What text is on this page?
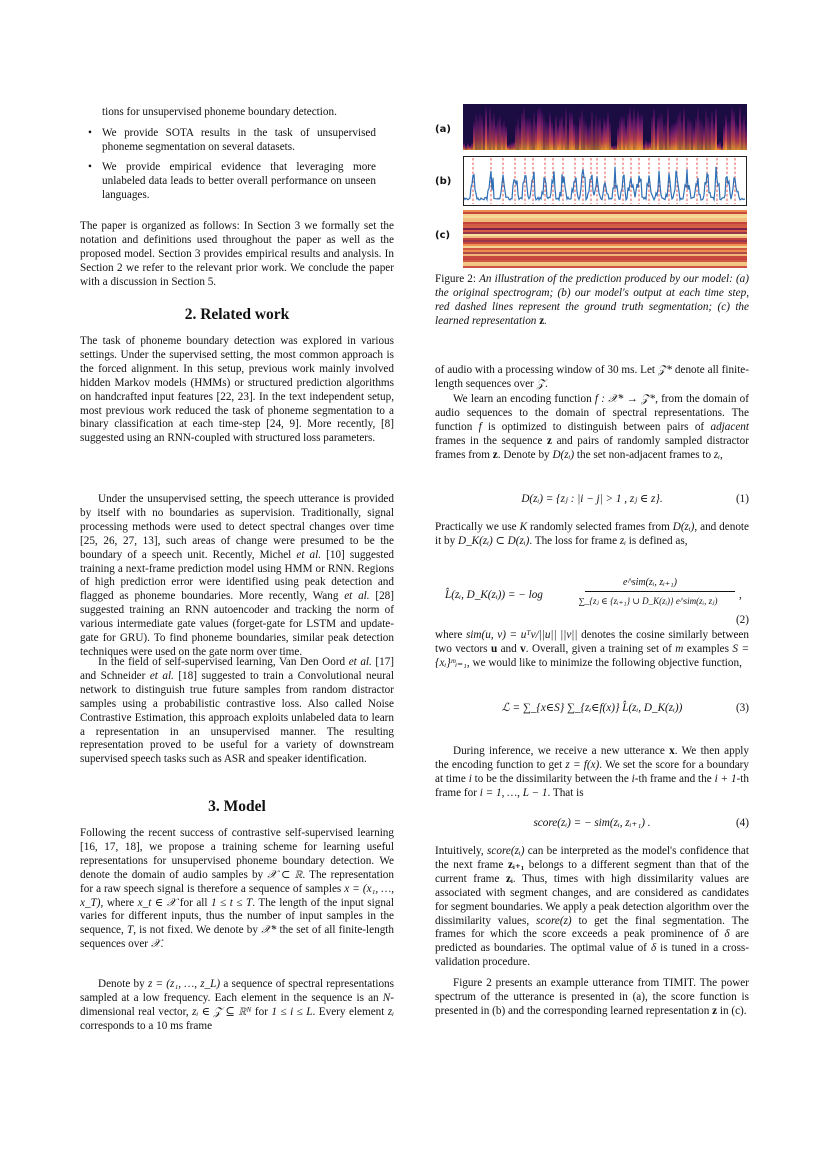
tions for unsupervised phoneme boundary detection.

• We provide SOTA results in the task of unsupervised phoneme segmentation on several datasets.
• We provide empirical evidence that leveraging more unlabeled data leads to better overall performance on unseen languages.

The paper is organized as follows: In Section 3 we formally set the notation and definitions used throughout the paper as well as the proposed model. Section 3 provides empirical results and analysis. In Section 2 we refer to the relevant prior work. We conclude the paper with a discussion in Section 5.

2. Related work

The task of phoneme boundary detection was explored in various settings. Under the supervised setting, the most common approach is the forced alignment. In this setup, previous work mainly involved hidden Markov models (HMMs) or structured prediction algorithms on handcrafted input features [22, 23]. In the text independent setup, most previous work reduced the task of phoneme segmentation to a binary classification at each time-step [24, 9]. More recently, [8] suggested using an RNN-coupled with structured loss parameters.

Under the unsupervised setting, the speech utterance is provided by itself with no boundaries as supervision. Traditionally, signal processing methods were used to detect spectral changes over time [25, 26, 27, 13], such areas of change were presumed to be the boundary of a speech unit. Recently, Michel et al. [10] suggested training a next-frame prediction model using HMM or RNN. Regions of high prediction error were identified using peak detection and flagged as phoneme boundaries. More recently, Wang et al. [28] suggested training an RNN autoencoder and tracking the norm of various intermediate gate values (forget-gate for LSTM and update-gate for GRU). To find phoneme boundaries, similar peak detection techniques were used on the gate norm over time.

In the field of self-supervised learning, Van Den Oord et al. [17] and Schneider et al. [18] suggested to train a Convolutional neural network to distinguish true future samples from random distractor samples using a probabilistic contrastive loss. Also called Noise Contrastive Estimation, this approach exploits unlabeled data to learn a representation in an unsupervised manner. The resulting representation proved to be useful for a variety of downstream supervised speech tasks such as ASR and speaker identification.

3. Model

Following the recent success of contrastive self-supervised learning [16, 17, 18], we propose a training scheme for learning useful representations for unsupervised phoneme boundary detection. We denote the domain of audio samples by 𝒳 ⊂ ℝ. The representation for a raw speech signal is therefore a sequence of samples x = (x₁, …, x_T), where x_t ∈ 𝒳 for all 1 ≤ t ≤ T. The length of the input signal varies for different inputs, thus the number of input samples in the sequence, T, is not fixed. We denote by 𝒳* the set of all finite-length sequences over 𝒳.

Denote by z = (z₁, …, z_L) a sequence of spectral representations sampled at a low frequency. Each element in the sequence is an N-dimensional real vector, zᵢ ∈ 𝒵 ⊆ ℝᴺ for 1 ≤ i ≤ L. Every element zᵢ corresponds to a 10 ms frame

(a)
(b)
(c)

Figure 2: An illustration of the prediction produced by our model: (a) the original spectrogram; (b) our model's output at each time step, red dashed lines represent the ground truth segmentation; (c) the learned representation z.

of audio with a processing window of 30 ms. Let 𝒵* denote all finite-length sequences over 𝒵.

We learn an encoding function f : 𝒳* → 𝒵*, from the domain of audio sequences to the domain of spectral representations. The function f is optimized to distinguish between pairs of adjacent frames in the sequence z and pairs of randomly sampled distractor frames from z. Denote by D(zᵢ) the set non-adjacent frames to zᵢ,

D(zᵢ) = {zⱼ : |i − j| > 1 , zⱼ ∈ z}.	(1)

Practically we use K randomly selected frames from D(zᵢ), and denote it by D_K(zᵢ) ⊂ D(zᵢ). The loss for frame zᵢ is defined as,

L̂(zᵢ, D_K(zᵢ)) = − log
e^sim(zᵢ, zᵢ₊₁)
∑_{zⱼ ∈ {zᵢ₊₁} ∪ D_K(zᵢ)} e^sim(zᵢ, zⱼ)	,
(2)

where sim(u, v) = uᵀv/||u|| ||v|| denotes the cosine similarly between two vectors u and v. Overall, given a training set of m examples S = {xᵢ}ᵐᵢ₌₁, we would like to minimize the following objective function,

ℒ = ∑_{x∈S} ∑_{zᵢ∈f(x)} L̂(zᵢ, D_K(zᵢ))	(3)

During inference, we receive a new utterance x. We then apply the encoding function to get z = f(x). We set the score for a boundary at time i to be the dissimilarity between the i-th frame and the i + 1-th frame for i = 1, …, L − 1. That is

score(zᵢ) = − sim(zᵢ, zᵢ₊₁) .	(4)

Intuitively, score(zᵢ) can be interpreted as the model's confidence that the next frame zᵢ₊₁ belongs to a different segment than that of the current frame zᵢ. Thus, times with high dissimilarity values are associated with segment changes, and are considered as candidates for segment boundaries. We apply a peak detection algorithm over the dissimilarity values, score(z) to get the final segmentation. The frames for which the score exceeds a peak prominence of δ are predicted as boundaries. The optimal value of δ is tuned in a cross-validation procedure.

Figure 2 presents an example utterance from TIMIT. The power spectrum of the utterance is presented in (a), the score function is presented in (b) and the corresponding learned representation z in (c).
